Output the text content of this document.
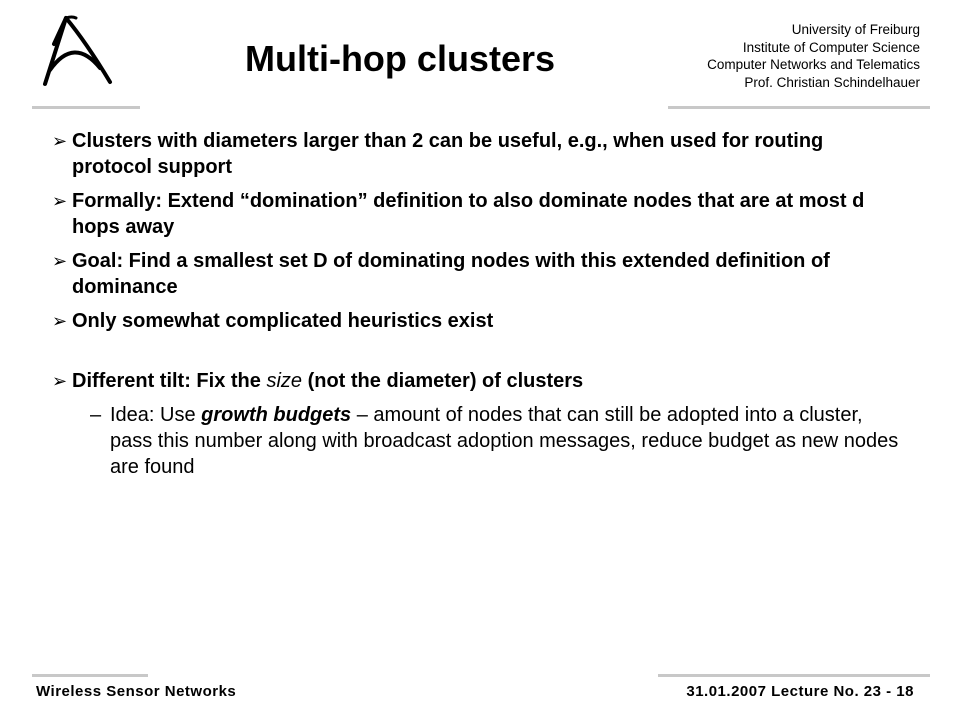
Multi-hop clusters
University of Freiburg
Institute of Computer Science
Computer Networks and Telematics
Prof. Christian Schindelhauer
➢ Clusters with diameters larger than 2 can be useful, e.g., when used for routing protocol support
➢ Formally: Extend “domination” definition to also dominate nodes that are at most d hops away
➢ Goal: Find a smallest set D of dominating nodes with this extended definition of dominance
➢ Only somewhat complicated heuristics exist
➢ Different tilt: Fix the size (not the diameter) of clusters
– Idea: Use growth budgets – amount of nodes that can still be adopted into a cluster, pass this number along with broadcast adoption messages, reduce budget as new nodes are found
Wireless Sensor Networks	31.01.2007 Lecture No. 23 - 18
